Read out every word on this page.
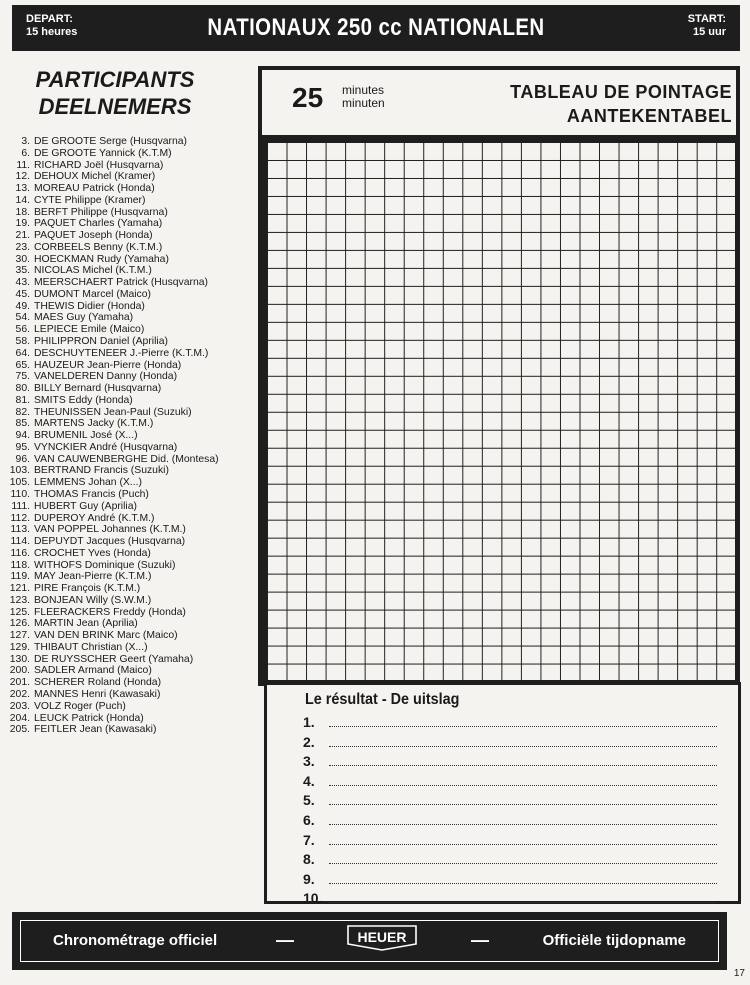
DEPART:
15 heures	NATIONAUX 250 cc NATIONALEN	START:
15 uur
PARTICIPANTS
DEELNEMERS
3. DE GROOTE Serge (Husqvarna)
6. DE GROOTE Yannick (K.T.M)
11. RICHARD Joël (Husqvarna)
12. DEHOUX Michel (Kramer)
13. MOREAU Patrick (Honda)
14. CYTE Philippe (Kramer)
18. BERFT Philippe (Husqvarna)
19. PAQUET Charles (Yamaha)
21. PAQUET Joseph (Honda)
23. CORBEELS Benny (K.T.M.)
30. HOECKMAN Rudy (Yamaha)
35. NICOLAS Michel (K.T.M.)
43. MEERSCHAERT Patrick (Husqvarna)
45. DUMONT Marcel (Maico)
49. THEWIS Didier (Honda)
54. MAES Guy (Yamaha)
56. LEPIECE Emile (Maico)
58. PHILIPPRON Daniel (Aprilia)
64. DESCHUYTENEER J.-Pierre (K.T.M.)
65. HAUZEUR Jean-Pierre (Honda)
75. VANELDEREN Danny (Honda)
80. BILLY Bernard (Husqvarna)
81. SMITS Eddy (Honda)
82. THEUNISSEN Jean-Paul (Suzuki)
85. MARTENS Jacky (K.T.M.)
94. BRUMENIL José (X...)
95. VYNCKIER André (Husqvarna)
96. VAN CAUWENBERGHE Did. (Montesa)
103. BERTRAND Francis (Suzuki)
105. LEMMENS Johan (X...)
110. THOMAS Francis (Puch)
111. HUBERT Guy (Aprilia)
112. DUPEROY André (K.T.M.)
113. VAN POPPEL Johannes (K.T.M.)
114. DEPUYDT Jacques (Husqvarna)
116. CROCHET Yves (Honda)
118. WITHOFS Dominique (Suzuki)
119. MAY Jean-Pierre (K.T.M.)
121. PIRE François (K.T.M.)
123. BONJEAN Willy (S.W.M.)
125. FLEERACKERS Freddy (Honda)
126. MARTIN Jean (Aprilia)
127. VAN DEN BRINK Marc (Maico)
129. THIBAUT Christian (X...)
130. DE RUYSSCHER Geert (Yamaha)
200. SADLER Armand (Maico)
201. SCHERER Roland (Honda)
202. MANNES Henri (Kawasaki)
203. VOLZ Roger (Puch)
204. LEUCK Patrick (Honda)
205. FEITLER Jean (Kawasaki)
25 minutes
minuten
TABLEAU DE POINTAGE
AANTEKENTABEL
Le résultat - De uitslag
1.
2.
3.
4.
5.
6.
7.
8.
9.
10.
Chronométrage officiel	—	HEUER	—	Officiële tijdopname
17
